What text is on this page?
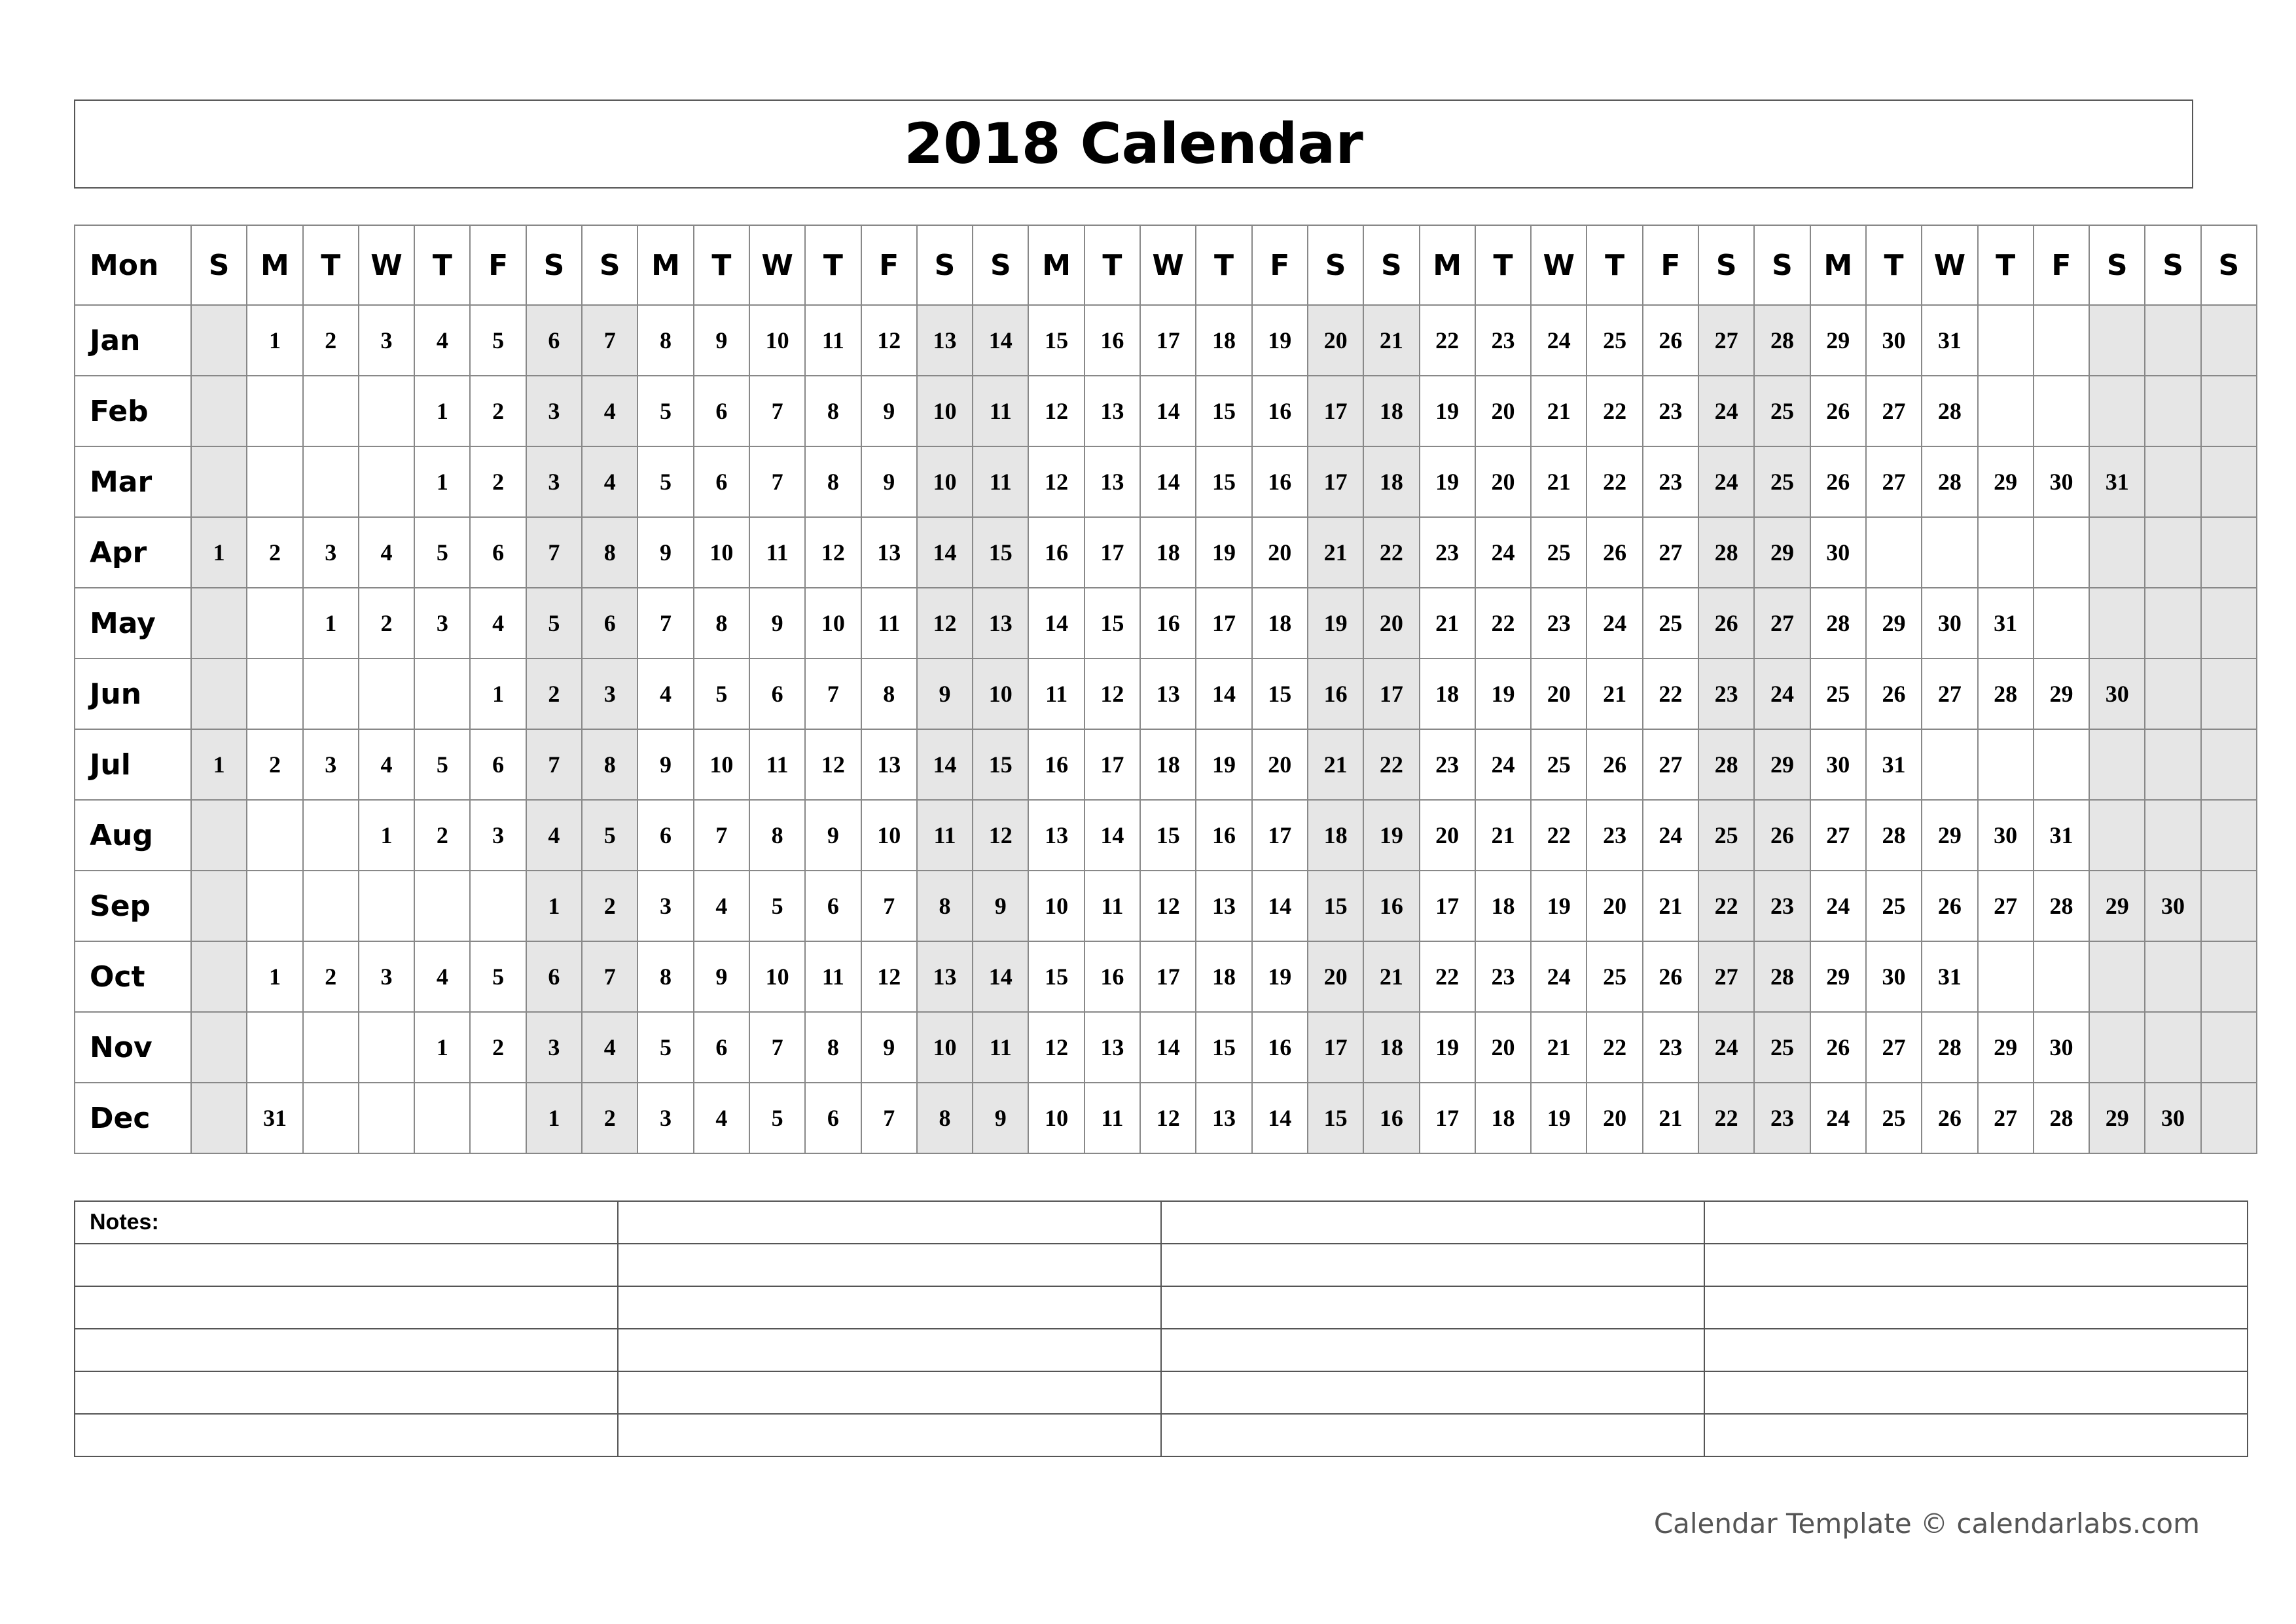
2018 Calendar
Mon	S	M	T	W	T	F	S	S	M	T	W	T	F	S	S	M	T	W	T	F	S	S	M	T	W	T	F	S	S	M	T	W	T	F	S	S	S
Jan		1	2	3	4	5	6	7	8	9	10	11	12	13	14	15	16	17	18	19	20	21	22	23	24	25	26	27	28	29	30	31					
Feb					1	2	3	4	5	6	7	8	9	10	11	12	13	14	15	16	17	18	19	20	21	22	23	24	25	26	27	28					
Mar					1	2	3	4	5	6	7	8	9	10	11	12	13	14	15	16	17	18	19	20	21	22	23	24	25	26	27	28	29	30	31		
Apr	1	2	3	4	5	6	7	8	9	10	11	12	13	14	15	16	17	18	19	20	21	22	23	24	25	26	27	28	29	30							
May			1	2	3	4	5	6	7	8	9	10	11	12	13	14	15	16	17	18	19	20	21	22	23	24	25	26	27	28	29	30	31				
Jun						1	2	3	4	5	6	7	8	9	10	11	12	13	14	15	16	17	18	19	20	21	22	23	24	25	26	27	28	29	30		
Jul	1	2	3	4	5	6	7	8	9	10	11	12	13	14	15	16	17	18	19	20	21	22	23	24	25	26	27	28	29	30	31						
Aug				1	2	3	4	5	6	7	8	9	10	11	12	13	14	15	16	17	18	19	20	21	22	23	24	25	26	27	28	29	30	31			
Sep							1	2	3	4	5	6	7	8	9	10	11	12	13	14	15	16	17	18	19	20	21	22	23	24	25	26	27	28	29	30	
Oct		1	2	3	4	5	6	7	8	9	10	11	12	13	14	15	16	17	18	19	20	21	22	23	24	25	26	27	28	29	30	31					
Nov					1	2	3	4	5	6	7	8	9	10	11	12	13	14	15	16	17	18	19	20	21	22	23	24	25	26	27	28	29	30			
Dec		31					1	2	3	4	5	6	7	8	9	10	11	12	13	14	15	16	17	18	19	20	21	22	23	24	25	26	27	28	29	30	
Notes:			

Calendar Template © calendarlabs.com
